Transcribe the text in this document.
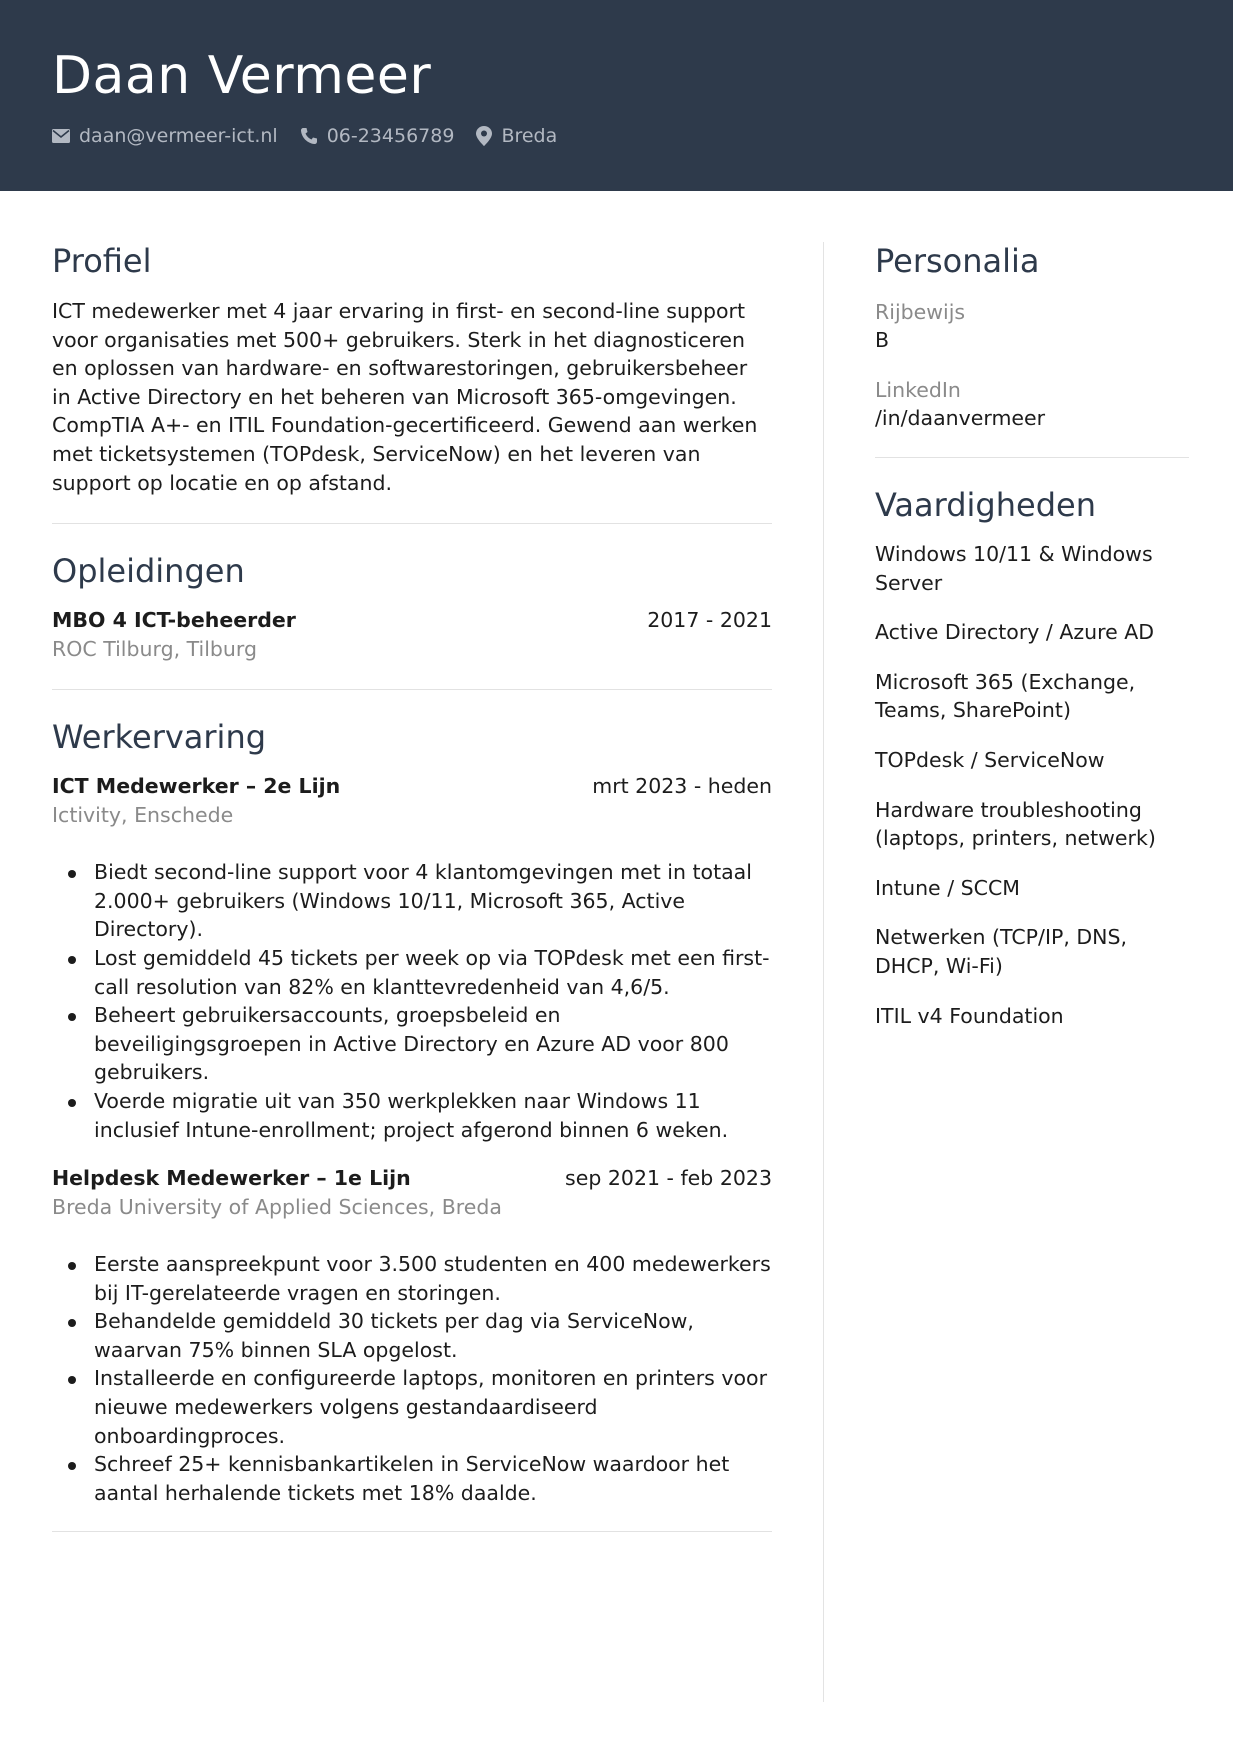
Daan Vermeer
daan@vermeer-ict.nl	06-23456789 Breda
Profiel

ICT medewerker met 4 jaar ervaring in first- en second-line support voor organisaties met 500+ gebruikers. Sterk in het diagnosticeren en oplossen van hardware- en softwarestoringen, gebruikersbeheer in Active Directory en het beheren van Microsoft 365-omgevingen. CompTIA A+- en ITIL Foundation-gecertificeerd. Gewend aan werken met ticketsystemen (TOPdesk, ServiceNow) en het leveren van support op locatie en op afstand.

Opleidingen
MBO 4 ICT-beheerder	2017 - 2021
ROC Tilburg, Tilburg
Werkervaring
ICT Medewerker – 2e Lijn	mrt 2023 - heden
Ictivity, Enschede
Biedt second-line support voor 4 klantomgevingen met in totaal 2.000+ gebruikers (Windows 10/11, Microsoft 365, Active Directory).
Lost gemiddeld 45 tickets per week op via TOPdesk met een first-call resolution van 82% en klanttevredenheid van 4,6/5.
Beheert gebruikersaccounts, groepsbeleid en beveiligingsgroepen in Active Directory en Azure AD voor 800 gebruikers.
Voerde migratie uit van 350 werkplekken naar Windows 11 inclusief Intune-enrollment; project afgerond binnen 6 weken.
Helpdesk Medewerker – 1e Lijn	sep 2021 - feb 2023
Breda University of Applied Sciences, Breda
Eerste aanspreekpunt voor 3.500 studenten en 400 medewerkers bij IT-gerelateerde vragen en storingen.
Behandelde gemiddeld 30 tickets per dag via ServiceNow, waarvan 75% binnen SLA opgelost.
Installeerde en configureerde laptops, monitoren en printers voor nieuwe medewerkers volgens gestandaardiseerd onboardingproces.
Schreef 25+ kennisbankartikelen in ServiceNow waardoor het aantal herhalende tickets met 18% daalde.
Personalia
Rijbewijs
B
LinkedIn
/in/daanvermeer
Vaardigheden
Windows 10/11 & Windows Server
Active Directory / Azure AD
Microsoft 365 (Exchange, Teams, SharePoint)
TOPdesk / ServiceNow
Hardware troubleshooting (laptops, printers, netwerk)
Intune / SCCM
Netwerken (TCP/IP, DNS, DHCP, Wi-Fi)
ITIL v4 Foundation
